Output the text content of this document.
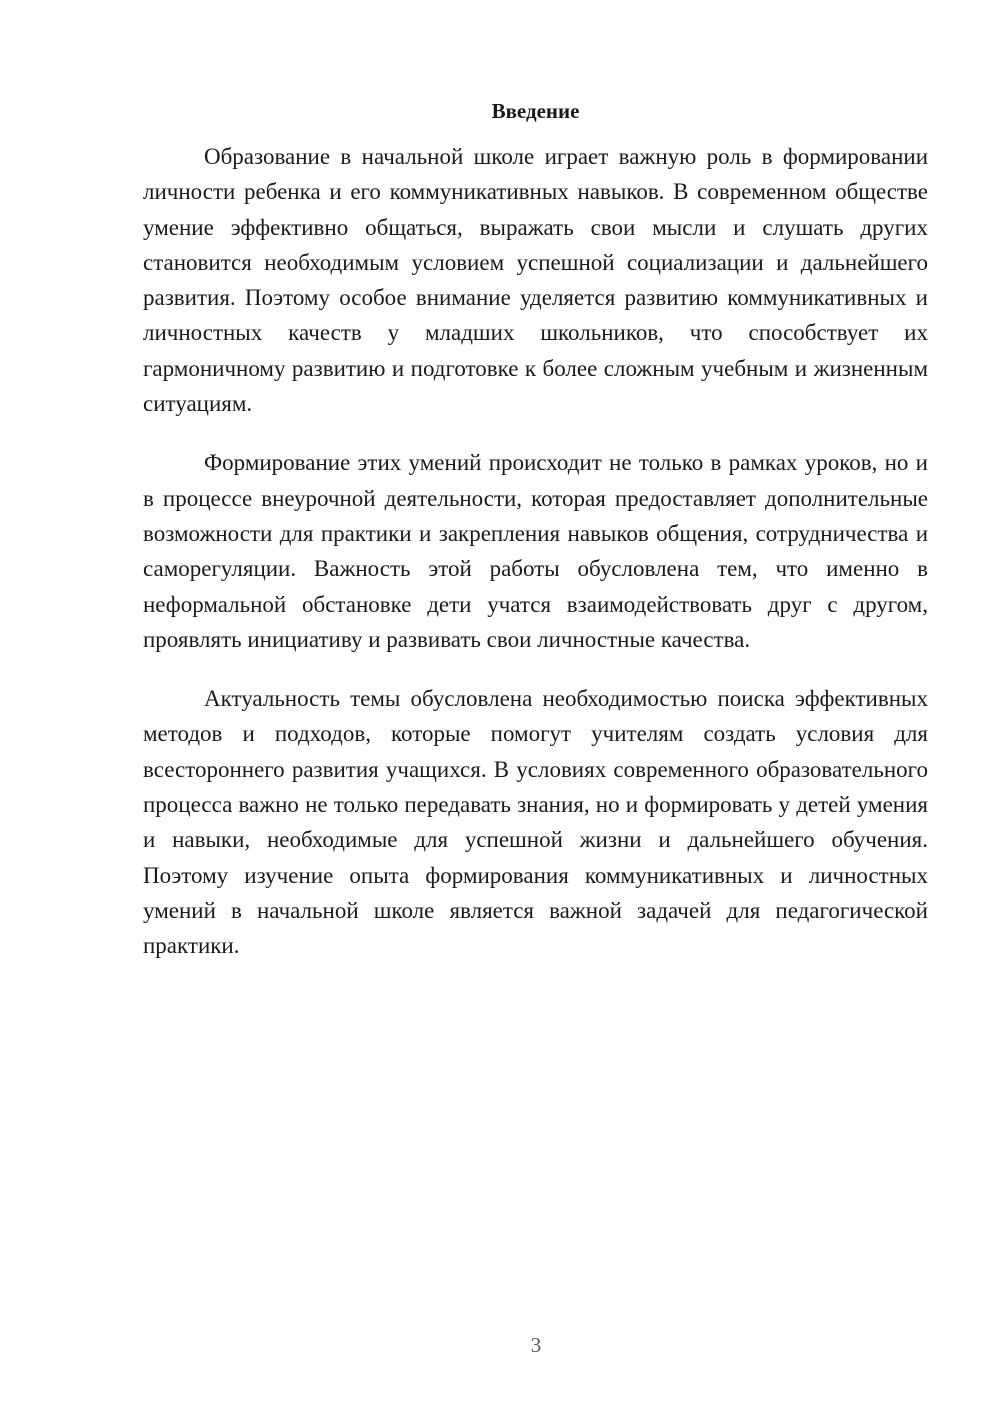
Введение

Образование в начальной школе играет важную роль в формировании личности ребенка и его коммуникативных навыков. В современном обществе умение эффективно общаться, выражать свои мысли и слушать других становится необходимым условием успешной социализации и дальнейшего развития. Поэтому особое внимание уделяется развитию коммуникативных и личностных качеств у младших школьников, что способствует их гармоничному развитию и подготовке к более сложным учебным и жизненным ситуациям.

Формирование этих умений происходит не только в рамках уроков, но и в процессе внеурочной деятельности, которая предоставляет дополнительные возможности для практики и закрепления навыков общения, сотрудничества и саморегуляции. Важность этой работы обусловлена тем, что именно в неформальной обстановке дети учатся взаимодействовать друг с другом, проявлять инициативу и развивать свои личностные качества.

Актуальность темы обусловлена необходимостью поиска эффективных методов и подходов, которые помогут учителям создать условия для всестороннего развития учащихся. В условиях современного образовательного процесса важно не только передавать знания, но и формировать у детей умения и навыки, необходимые для успешной жизни и дальнейшего обучения. Поэтому изучение опыта формирования коммуникативных и личностных умений в начальной школе является важной задачей для педагогической практики.

3
